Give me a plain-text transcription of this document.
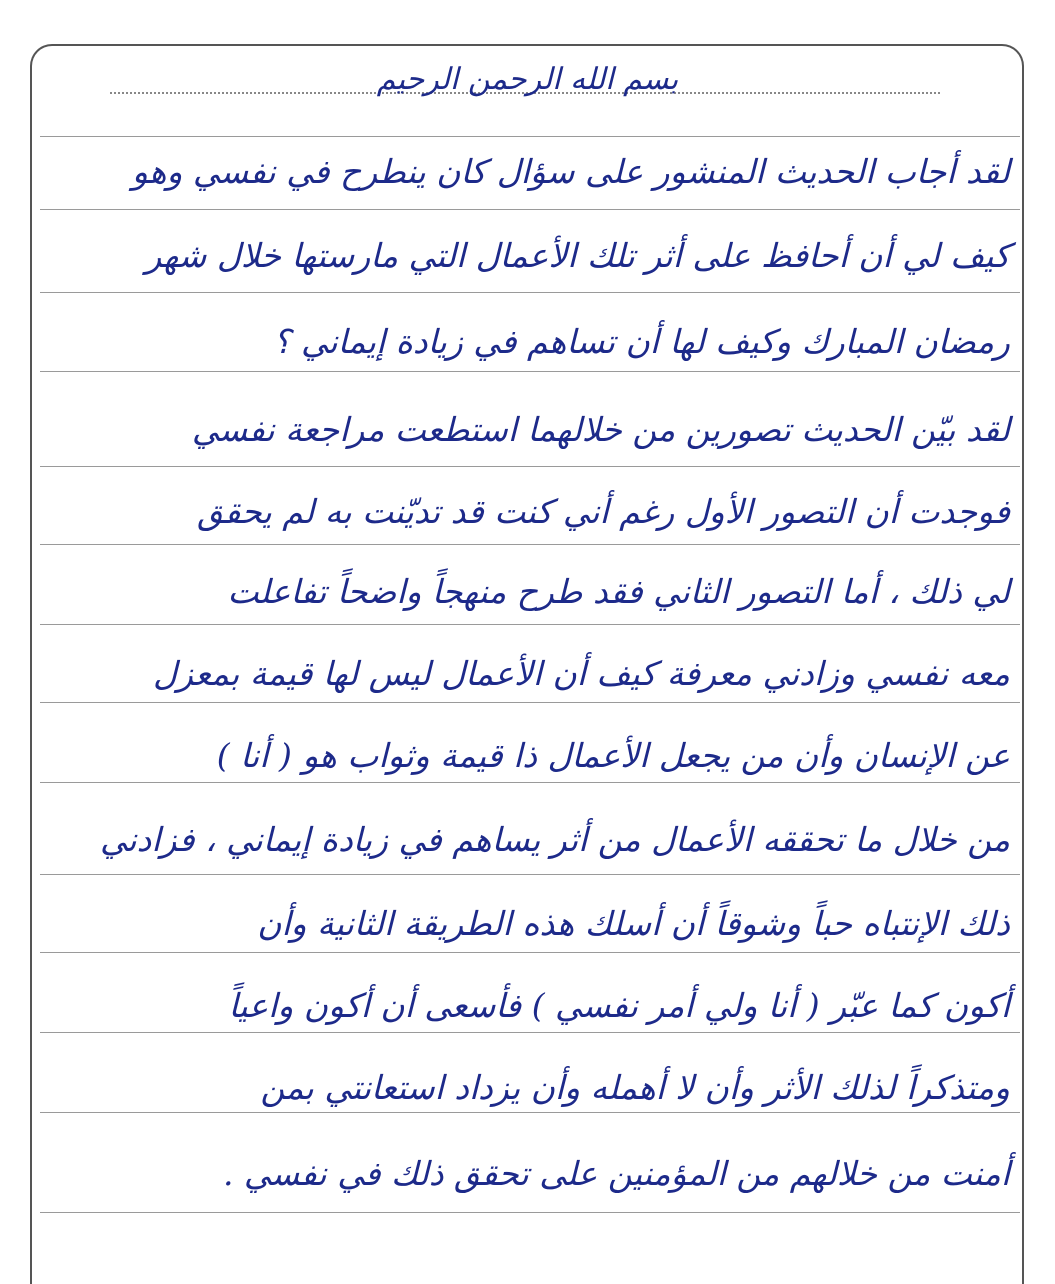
بسم الله الرحمن الرحيم
لقد أجاب الحديث المنشور على سؤال كان ينطرح في نفسي وهو
كيف لي أن أحافظ على أثر تلك الأعمال التي مارستها خلال شهر
رمضان المبارك وكيف لها أن تساهم في زيادة إيماني ؟
لقد بيّن الحديث تصورين من خلالهما استطعت مراجعة نفسي
فوجدت أن التصور الأول رغم أني كنت قد تديّنت به لم يحقق
لي ذلك ، أما التصور الثاني فقد طرح منهجاً واضحاً تفاعلت
معه نفسي وزادني معرفة كيف أن الأعمال ليس لها قيمة بمعزل
عن الإنسان وأن من يجعل الأعمال ذا قيمة وثواب هو ( أنا )
من خلال ما تحققه الأعمال من أثر يساهم في زيادة إيماني ، فزادني
ذلك الإنتباه حباً وشوقاً أن أسلك هذه الطريقة الثانية وأن
أكون كما عبّر ( أنا ولي أمر نفسي ) فأسعى أن أكون واعياً
ومتذكراً لذلك الأثر وأن لا أهمله وأن يزداد استعانتي بمن
أمنت من خلالهم من المؤمنين على تحقق ذلك في نفسي .
